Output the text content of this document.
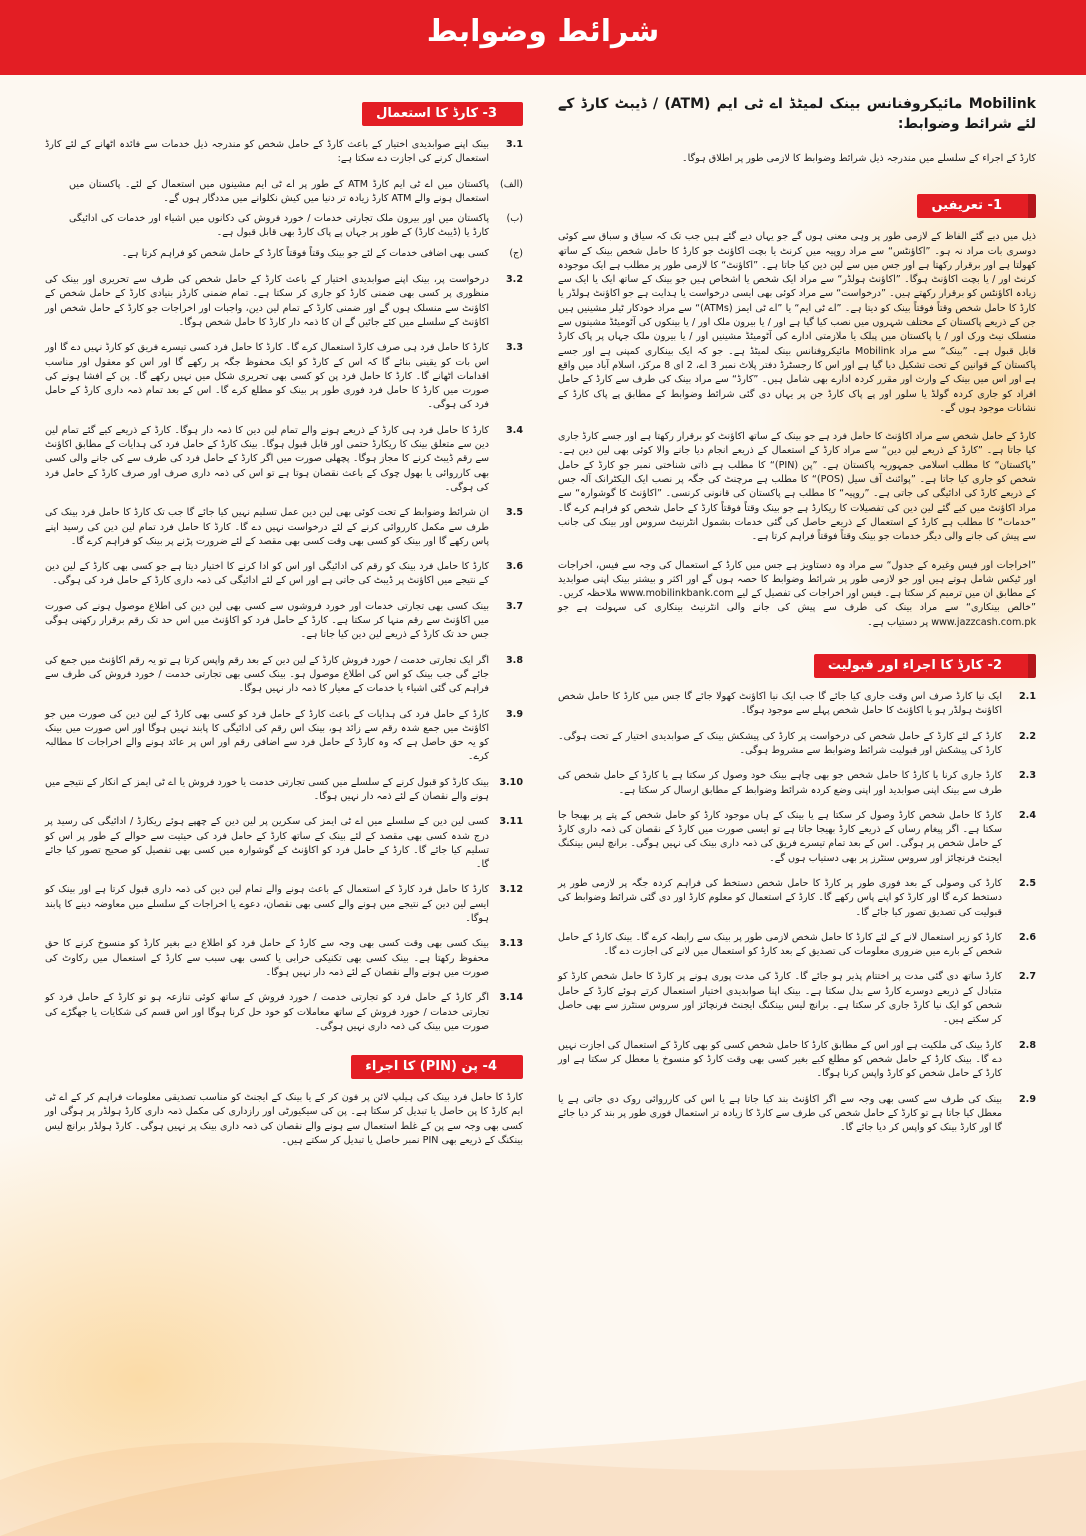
شرائط وضوابط
Mobilink مائیکروفنانس بینک لمیٹڈ اے ٹی ایم (ATM) / ڈیبٹ کارڈ کے لئے شرائط وضوابط:
کارڈ کے اجراء کے سلسلے میں مندرجہ ذیل شرائط وضوابط کا لازمی طور پر اطلاق ہوگا۔
1- تعریفیں
ذیل میں دیے گئے الفاظ کے لازمی طور پر وہی معنی ہوں گے جو یہاں دیے گئے ہیں جب تک کہ سیاق و سباق سے کوئی دوسری بات مراد نہ ہو۔ ”اکاؤنٹس“ سے مراد روپیہ میں کرنٹ یا بچت اکاؤنٹ جو کارڈ کا حامل شخص بینک کے ساتھ کھولتا ہے اور برقرار رکھتا ہے اور جس میں سے لین دین کیا جاتا ہے۔ ”اکاؤنٹ“ کا لازمی طور پر مطلب ہے ایک موجودہ کرنٹ اور / یا بچت اکاؤنٹ ہوگا۔ ”اکاؤنٹ ہولڈر“ سے مراد ایک شخص یا اشخاص ہیں جو بینک کے ساتھ ایک یا ایک سے زیادہ اکاؤنٹس کو برقرار رکھتے ہیں۔ ”درخواست“ سے مراد کوئی بھی ایسی درخواست یا ہدایت ہے جو اکاؤنٹ ہولڈر یا کارڈ کا حامل شخص وقتاً فوقتاً بینک کو دیتا ہے۔ ”اے ٹی ایم“ یا ”اے ٹی ایمز (ATMs)“ سے مراد خودکار ٹیلر مشینیں ہیں جن کے ذریعے پاکستان کے مختلف شہروں میں نصب کیا گیا ہے اور / یا بیرون ملک اور / یا بینکوں کی آٹومیٹڈ مشینوں سے منسلک نیٹ ورک اور / یا پاکستان میں پبلک یا ملازمتی ادارے کی آٹومیٹڈ مشینیں اور / یا بیرون ملک جہاں پر پاک کارڈ قابل قبول ہے۔ ”بینک“ سے مراد Mobilink مائیکروفنانس بینک لمیٹڈ ہے۔ جو کہ ایک بینکاری کمپنی ہے اور جسے پاکستان کے قوانین کے تحت تشکیل دیا گیا ہے اور اس کا رجسٹرڈ دفتر پلاٹ نمبر 3 اے، 2 ای 8 مرکز، اسلام آباد میں واقع ہے اور اس میں بینک کے وارث اور مقرر کردہ ادارے بھی شامل ہیں۔ ”کارڈ“ سے مراد بینک کی طرف سے کارڈ کے حامل افراد کو جاری کردہ گولڈ یا سلور اور پے پاک کارڈ جن پر یہاں دی گئی شرائط وضوابط کے مطابق پے پاک کارڈ کے نشانات موجود ہوں گے۔
کارڈ کے حامل شخص سے مراد اکاؤنٹ کا حامل فرد ہے جو بینک کے ساتھ اکاؤنٹ کو برقرار رکھتا ہے اور جسے کارڈ جاری کیا جاتا ہے۔ ”کارڈ کے ذریعے لین دین“ سے مراد کارڈ کے استعمال کے ذریعے انجام دیا جانے والا کوئی بھی لین دین ہے۔ ”پاکستان“ کا مطلب اسلامی جمہوریہ پاکستان ہے۔ ”پن (PIN)“ کا مطلب ہے ذاتی شناختی نمبر جو کارڈ کے حامل شخص کو جاری کیا جاتا ہے۔ ”پوائنٹ آف سیل (POS)“ کا مطلب ہے مرچنٹ کی جگہ پر نصب ایک الیکٹرانک آلہ جس کے ذریعے کارڈ کی ادائیگی کی جاتی ہے۔ ”روپیہ“ کا مطلب ہے پاکستان کی قانونی کرنسی۔ ”اکاؤنٹ کا گوشوارہ“ سے مراد اکاؤنٹ میں کیے گئے لین دین کی تفصیلات کا ریکارڈ ہے جو بینک وقتاً فوقتاً کارڈ کے حامل شخص کو فراہم کرے گا۔ ”خدمات“ کا مطلب ہے کارڈ کے استعمال کے ذریعے حاصل کی گئی خدمات بشمول انٹرنیٹ سروس اور بینک کی جانب سے پیش کی جانے والی دیگر خدمات جو بینک وقتاً فوقتاً فراہم کرتا ہے۔
”اخراجات اور فیس وغیرہ کے جدول“ سے مراد وہ دستاویز ہے جس میں کارڈ کے استعمال کی وجہ سے فیس، اخراجات اور ٹیکس شامل ہوتے ہیں اور جو لازمی طور پر شرائط وضوابط کا حصہ ہوں گے اور اکثر و بیشتر بینک اپنی صوابدید کے مطابق ان میں ترمیم کر سکتا ہے۔ فیس اور اخراجات کی تفصیل کے لیے www.mobilinkbank.com ملاحظہ کریں۔ ”خالص بینکاری“ سے مراد بینک کی طرف سے پیش کی جانے والی انٹرنیٹ بینکاری کی سہولت ہے جو www.jazzcash.com.pk پر دستیاب ہے۔
2- کارڈ کا اجراء اور قبولیت
2.1
ایک نیا کارڈ صرف اس وقت جاری کیا جائے گا جب ایک نیا اکاؤنٹ کھولا جائے گا جس میں کارڈ کا حامل شخص اکاؤنٹ ہولڈر ہو یا اکاؤنٹ کا حامل شخص پہلے سے موجود ہوگا۔
2.2
کارڈ کے لئے کارڈ کے حامل شخص کی درخواست پر کارڈ کی پیشکش بینک کے صوابدیدی اختیار کے تحت ہوگی۔ کارڈ کی پیشکش اور قبولیت شرائط وضوابط سے مشروط ہوگی۔
2.3
کارڈ جاری کرنا یا کارڈ کا حامل شخص جو بھی چاہے بینک خود وصول کر سکتا ہے یا کارڈ کے حامل شخص کی طرف سے بینک اپنی صوابدید اور اپنی وضع کردہ شرائط وضوابط کے مطابق ارسال کر سکتا ہے۔
2.4
کارڈ کا حامل شخص کارڈ وصول کر سکتا ہے یا بینک کے ہاں موجود کارڈ کو حامل شخص کے پتے پر بھیجا جا سکتا ہے۔ اگر پیغام رساں کے ذریعے کارڈ بھیجا جاتا ہے تو ایسی صورت میں کارڈ کے نقصان کی ذمہ داری کارڈ کے حامل شخص پر ہوگی۔ اس کے بعد تمام تیسرے فریق کی ذمہ داری بینک کی نہیں ہوگی۔ برانچ لیس بینکنگ ایجنٹ فرنچائز اور سروس سنٹرز پر بھی دستیاب ہوں گے۔
2.5
کارڈ کی وصولی کے بعد فوری طور پر کارڈ کا حامل شخص دستخط کی فراہم کردہ جگہ پر لازمی طور پر دستخط کرے گا اور کارڈ کو اپنے پاس رکھے گا۔ کارڈ کے استعمال کو معلوم کارڈ اور دی گئی شرائط وضوابط کی قبولیت کی تصدیق تصور کیا جائے گا۔
2.6
کارڈ کو زیر استعمال لانے کے لئے کارڈ کا حامل شخص لازمی طور پر بینک سے رابطہ کرے گا۔ بینک کارڈ کے حامل شخص کے بارے میں ضروری معلومات کی تصدیق کے بعد کارڈ کو استعمال میں لانے کی اجازت دے گا۔
2.7
کارڈ ساتھ دی گئی مدت پر اختتام پذیر ہو جائے گا۔ کارڈ کی مدت پوری ہونے پر کارڈ کا حامل شخص کارڈ کو متبادل کے ذریعے دوسرے کارڈ سے بدل سکتا ہے۔ بینک اپنا صوابدیدی اختیار استعمال کرتے ہوئے کارڈ کے حامل شخص کو ایک نیا کارڈ جاری کر سکتا ہے۔ برانچ لیس بینکنگ ایجنٹ فرنچائز اور سروس سنٹرز سے بھی حاصل کر سکتے ہیں۔
2.8
کارڈ بینک کی ملکیت ہے اور اس کے مطابق کارڈ کا حامل شخص کسی کو بھی کارڈ کے استعمال کی اجازت نہیں دے گا۔ بینک کارڈ کے حامل شخص کو مطلع کیے بغیر کسی بھی وقت کارڈ کو منسوخ یا معطل کر سکتا ہے اور کارڈ کے حامل شخص کو کارڈ واپس کرنا ہوگا۔
2.9
بینک کی طرف سے کسی بھی وجہ سے اگر اکاؤنٹ بند کیا جاتا ہے یا اس کی کارروائی روک دی جاتی ہے یا معطل کیا جاتا ہے تو کارڈ کے حامل شخص کی طرف سے کارڈ کا زیادہ تر استعمال فوری طور پر بند کر دیا جائے گا اور کارڈ بینک کو واپس کر دیا جائے گا۔
3- کارڈ کا استعمال
3.1
بینک اپنے صوابدیدی اختیار کے باعث کارڈ کے حامل شخص کو مندرجہ ذیل خدمات سے فائدہ اٹھانے کے لئے کارڈ استعمال کرنے کی اجازت دے سکتا ہے:
(الف)
پاکستان میں اے ٹی ایم کارڈ ATM کے طور پر اے ٹی ایم مشینوں میں استعمال کے لئے۔ پاکستان میں استعمال ہونے والے ATM کارڈ زیادہ تر دنیا میں کیش نکلوانے میں مددگار ہوں گے۔
(ب)
پاکستان میں اور بیرون ملک تجارتی خدمات / خورد فروش کی دکانوں میں اشیاء اور خدمات کی ادائیگی کارڈ یا (ڈیبٹ کارڈ) کے طور پر جہاں پے پاک کارڈ بھی قابل قبول ہے۔
(ج)
کسی بھی اضافی خدمات کے لئے جو بینک وقتاً فوقتاً کارڈ کے حامل شخص کو فراہم کرتا ہے۔
3.2
درخواست پر، بینک اپنے صوابدیدی اختیار کے باعث کارڈ کے حامل شخص کی طرف سے تحریری اور بینک کی منظوری پر کسی بھی ضمنی کارڈ کو جاری کر سکتا ہے۔ تمام ضمنی کارڈز بنیادی کارڈ کے حامل شخص کے اکاؤنٹ سے منسلک ہوں گے اور ضمنی کارڈ کے تمام لین دین، واجبات اور اخراجات جو کارڈ کے حامل شخص اور اکاؤنٹ کے سلسلے میں کئے جائیں گے ان کا ذمہ دار کارڈ کا حامل شخص ہوگا۔
3.3
کارڈ کا حامل فرد ہی صرف کارڈ استعمال کرے گا۔ کارڈ کا حامل فرد کسی تیسرے فریق کو کارڈ نہیں دے گا اور اس بات کو یقینی بنائے گا کہ اس کے کارڈ کو ایک محفوظ جگہ پر رکھے گا اور اس کو معقول اور مناسب اقدامات اٹھانے گا۔ کارڈ کا حامل فرد پن کو کسی بھی تحریری شکل میں نہیں رکھے گا۔ پن کے افشا ہونے کی صورت میں کارڈ کا حامل فرد فوری طور پر بینک کو مطلع کرے گا۔ اس کے بعد تمام ذمہ داری کارڈ کے حامل فرد کی ہوگی۔
3.4
کارڈ کا حامل فرد ہی کارڈ کے ذریعے ہونے والے تمام لین دین کا ذمہ دار ہوگا۔ کارڈ کے ذریعے کیے گئے تمام لین دین سے متعلق بینک کا ریکارڈ حتمی اور قابل قبول ہوگا۔ بینک کارڈ کے حامل فرد کی ہدایات کے مطابق اکاؤنٹ سے رقم ڈیبٹ کرنے کا مجاز ہوگا۔ پچھلی صورت میں اگر کارڈ کے حامل فرد کی طرف سے کی جانے والی کسی بھی کارروائی یا بھول چوک کے باعث نقصان ہوتا ہے تو اس کی ذمہ داری صرف اور صرف کارڈ کے حامل فرد کی ہوگی۔
3.5
ان شرائط وضوابط کے تحت کوئی بھی لین دین عمل تسلیم نہیں کیا جائے گا جب تک کارڈ کا حامل فرد بینک کی طرف سے مکمل کارروائی کرنے کے لئے درخواست نہیں دے گا۔ کارڈ کا حامل فرد تمام لین دین کی رسید اپنے پاس رکھے گا اور بینک کو کسی بھی وقت کسی بھی مقصد کے لئے ضرورت پڑنے پر بینک کو فراہم کرے گا۔
3.6
کارڈ کا حامل فرد بینک کو رقم کی ادائیگی اور اس کو ادا کرنے کا اختیار دیتا ہے جو کسی بھی کارڈ کے لین دین کے نتیجے میں اکاؤنٹ پر ڈیبٹ کی جاتی ہے اور اس کے لئے ادائیگی کی ذمہ داری کارڈ کے حامل فرد کی ہوگی۔
3.7
بینک کسی بھی تجارتی خدمات اور خورد فروشوں سے کسی بھی لین دین کی اطلاع موصول ہونے کی صورت میں اکاؤنٹ سے رقم منہا کر سکتا ہے۔ کارڈ کے حامل فرد کو اکاؤنٹ میں اس حد تک رقم برقرار رکھنی ہوگی جس حد تک کارڈ کے ذریعے لین دین کیا جاتا ہے۔
3.8
اگر ایک تجارتی خدمت / خورد فروش کارڈ کے لین دین کے بعد رقم واپس کرتا ہے تو یہ رقم اکاؤنٹ میں جمع کی جائے گی جب بینک کو اس کی اطلاع موصول ہو۔ بینک کسی بھی تجارتی خدمت / خورد فروش کی طرف سے فراہم کی گئی اشیاء یا خدمات کے معیار کا ذمہ دار نہیں ہوگا۔
3.9
کارڈ کے حامل فرد کی ہدایات کے باعث کارڈ کے حامل فرد کو کسی بھی کارڈ کے لین دین کی صورت میں جو اکاؤنٹ میں جمع شدہ رقم سے زائد ہو، بینک اس رقم کی ادائیگی کا پابند نہیں ہوگا اور اس صورت میں بینک کو یہ حق حاصل ہے کہ وہ کارڈ کے حامل فرد سے اضافی رقم اور اس پر عائد ہونے والے اخراجات کا مطالبہ کرے۔
3.10
بینک کارڈ کو قبول کرنے کے سلسلے میں کسی تجارتی خدمت یا خورد فروش یا اے ٹی ایمز کے انکار کے نتیجے میں ہونے والے نقصان کے لئے ذمہ دار نہیں ہوگا۔
3.11
کسی لین دین کے سلسلے میں اے ٹی ایمز کی سکرین پر لین دین کے چھپے ہوئے ریکارڈ / ادائیگی کی رسید پر درج شدہ کسی بھی مقصد کے لئے بینک کے ساتھ کارڈ کے حامل فرد کی حیثیت سے حوالے کے طور پر اس کو تسلیم کیا جائے گا۔ کارڈ کے حامل فرد کو اکاؤنٹ کے گوشوارہ میں کسی بھی تفصیل کو صحیح تصور کیا جائے گا۔
3.12
کارڈ کا حامل فرد کارڈ کے استعمال کے باعث ہونے والے تمام لین دین کی ذمہ داری قبول کرتا ہے اور بینک کو ایسے لین دین کے نتیجے میں ہونے والے کسی بھی نقصان، دعوے یا اخراجات کے سلسلے میں معاوضہ دینے کا پابند ہوگا۔
3.13
بینک کسی بھی وقت کسی بھی وجہ سے کارڈ کے حامل فرد کو اطلاع دیے بغیر کارڈ کو منسوخ کرنے کا حق محفوظ رکھتا ہے۔ بینک کسی بھی تکنیکی خرابی یا کسی بھی سبب سے کارڈ کے استعمال میں رکاوٹ کی صورت میں ہونے والے نقصان کے لئے ذمہ دار نہیں ہوگا۔
3.14
اگر کارڈ کے حامل فرد کو تجارتی خدمت / خورد فروش کے ساتھ کوئی تنازعہ ہو تو کارڈ کے حامل فرد کو تجارتی خدمات / خورد فروش کے ساتھ معاملات کو خود حل کرنا ہوگا اور اس قسم کی شکایات یا جھگڑے کی صورت میں بینک کی ذمہ داری نہیں ہوگی۔
4- پن (PIN) کا اجراء
کارڈ کا حامل فرد بینک کی ہیلپ لائن پر فون کر کے یا بینک کے ایجنٹ کو مناسب تصدیقی معلومات فراہم کر کے اے ٹی ایم کارڈ کا پن حاصل یا تبدیل کر سکتا ہے۔ پن کی سیکیورٹی اور رازداری کی مکمل ذمہ داری کارڈ ہولڈر پر ہوگی اور کسی بھی وجہ سے پن کے غلط استعمال سے ہونے والے نقصان کی ذمہ داری بینک پر نہیں ہوگی۔ کارڈ ہولڈر برانچ لیس بینکنگ کے ذریعے بھی PIN نمبر حاصل یا تبدیل کر سکتے ہیں۔
